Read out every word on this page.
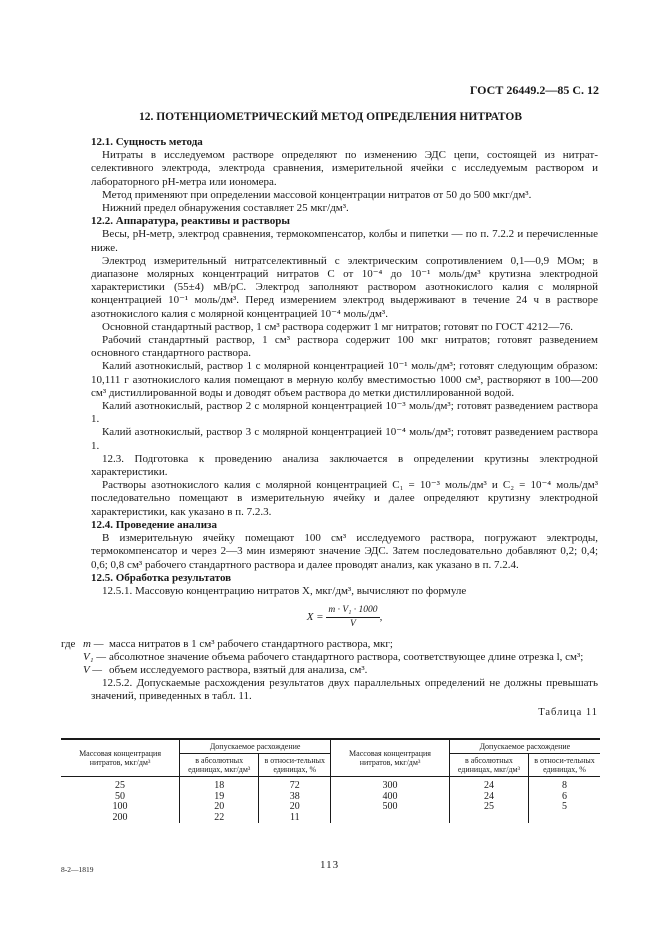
ГОСТ 26449.2—85 С. 12
12. ПОТЕНЦИОМЕТРИЧЕСКИЙ МЕТОД ОПРЕДЕЛЕНИЯ НИТРАТОВ
12.1. Сущность метода

 Нитраты в исследуемом растворе определяют по изменению ЭДС цепи, состоящей из нитрат-селективного электрода, электрода сравнения, измерительной ячейки с исследуемым раствором и лабораторного рН-метра или иономера.

 Метод применяют при определении массовой концентрации нитратов от 50 до 500 мкг/дм³.

 Нижний предел обнаружения составляет 25 мкг/дм³.

12.2. Аппаратура, реактивы и растворы

 Весы, рН-метр, электрод сравнения, термокомпенсатор, колбы и пипетки — по п. 7.2.2 и перечисленные ниже.

 Электрод измерительный нитратселективный с электрическим сопротивлением 0,1—0,9 МОм; в диапазоне молярных концентраций нитратов С от 10⁻⁴ до 10⁻¹ моль/дм³ крутизна электродной характеристики (55±4) мВ/рС. Электрод заполняют раствором азотнокислого калия с молярной концентрацией 10⁻¹ моль/дм³. Перед измерением электрод выдерживают в течение 24 ч в растворе азотнокислого калия с молярной концентрацией 10⁻⁴ моль/дм³.

 Основной стандартный раствор, 1 см³ раствора содержит 1 мг нитратов; готовят по ГОСТ 4212—76.

 Рабочий стандартный раствор, 1 см³ раствора содержит 100 мкг нитратов; готовят разведением основного стандартного раствора.

 Калий азотнокислый, раствор 1 с молярной концентрацией 10⁻¹ моль/дм³; готовят следующим образом: 10,111 г азотнокислого калия помещают в мерную колбу вместимостью 1000 см³, растворяют в 100—200 см³ дистиллированной воды и доводят объем раствора до метки дистиллированной водой.

 Калий азотнокислый, раствор 2 с молярной концентрацией 10⁻³ моль/дм³; готовят разведением раствора 1.

 Калий азотнокислый, раствор 3 с молярной концентрацией 10⁻⁴ моль/дм³; готовят разведением раствора 1.

 12.3. Подготовка к проведению анализа заключается в определении крутизны электродной характеристики.

 Растворы азотнокислого калия с молярной концентрацией С₁ = 10⁻³ моль/дм³ и С₂ = 10⁻⁴ моль/дм³ последовательно помещают в измерительную ячейку и далее определяют крутизну электродной характеристики, как указано в п. 7.2.3.

12.4. Проведение анализа

 В измерительную ячейку помещают 100 см³ исследуемого раствора, погружают электроды, термокомпенсатор и через 2—3 мин измеряют значение ЭДС. Затем последовательно добавляют 0,2; 0,4; 0,6; 0,8 см³ рабочего стандартного раствора и далее проводят анализ, как указано в п. 7.2.4.

12.5. Обработка результатов

 12.5.1. Массовую концентрацию нитратов X, мкг/дм³, вычисляют по формуле

$X = \frac{\text{m · V₁ · 1000}}{V}$ ,
где m — масса нитратов в 1 см³ рабочего стандартного раствора, мкг;
V₁ — абсолютное значение объема рабочего стандартного раствора, соответствующее длине отрезка l, см³;
V — объем исследуемого раствора, взятый для анализа, см³.

 12.5.2. Допускаемые расхождения результатов двух параллельных определений не должны превышать значений, приведенных в табл. 11.

Таблица 11
Массовая концентрация нитратов, мкг/дм³	Допускаемое расхождение		Массовая концентрация нитратов, мкг/дм³	Допускаемое расхождение	
	в абсолютных единицах, мкг/дм³	в относи-тельных единицах, %		в абсолютных единицах, мкг/дм³	в относи-тельных единицах, %
25	18	72	300	24	8
50	19	38	400	24	6
100	20	20	500	25	5
200	22	11			
8-2—1819	113
